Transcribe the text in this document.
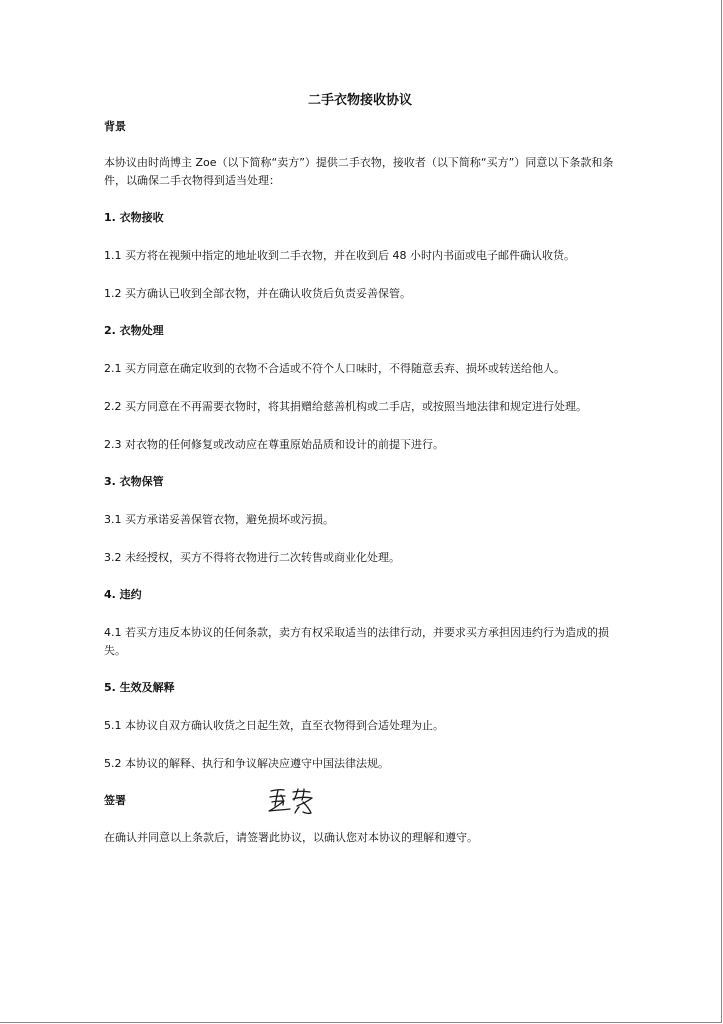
二手衣物接收协议
背景
本协议由时尚博主 Zoe（以下简称“卖方”）提供二手衣物，接收者（以下简称“买方”）同意以下条款和条件，以确保二手衣物得到适当处理：
1. 衣物接收
1.1 买方将在视频中指定的地址收到二手衣物，并在收到后 48 小时内书面或电子邮件确认收货。
1.2 买方确认已收到全部衣物，并在确认收货后负责妥善保管。
2. 衣物处理
2.1 买方同意在确定收到的衣物不合适或不符个人口味时，不得随意丢弃、损坏或转送给他人。
2.2 买方同意在不再需要衣物时，将其捐赠给慈善机构或二手店，或按照当地法律和规定进行处理。
2.3 对衣物的任何修复或改动应在尊重原始品质和设计的前提下进行。
3. 衣物保管
3.1 买方承诺妥善保管衣物，避免损坏或污损。
3.2 未经授权，买方不得将衣物进行二次转售或商业化处理。
4. 违约
4.1 若买方违反本协议的任何条款，卖方有权采取适当的法律行动，并要求买方承担因违约行为造成的损失。
5. 生效及解释
5.1 本协议自双方确认收货之日起生效，直至衣物得到合适处理为止。
5.2 本协议的解释、执行和争议解决应遵守中国法律法规。
签署
在确认并同意以上条款后，请签署此协议，以确认您对本协议的理解和遵守。
